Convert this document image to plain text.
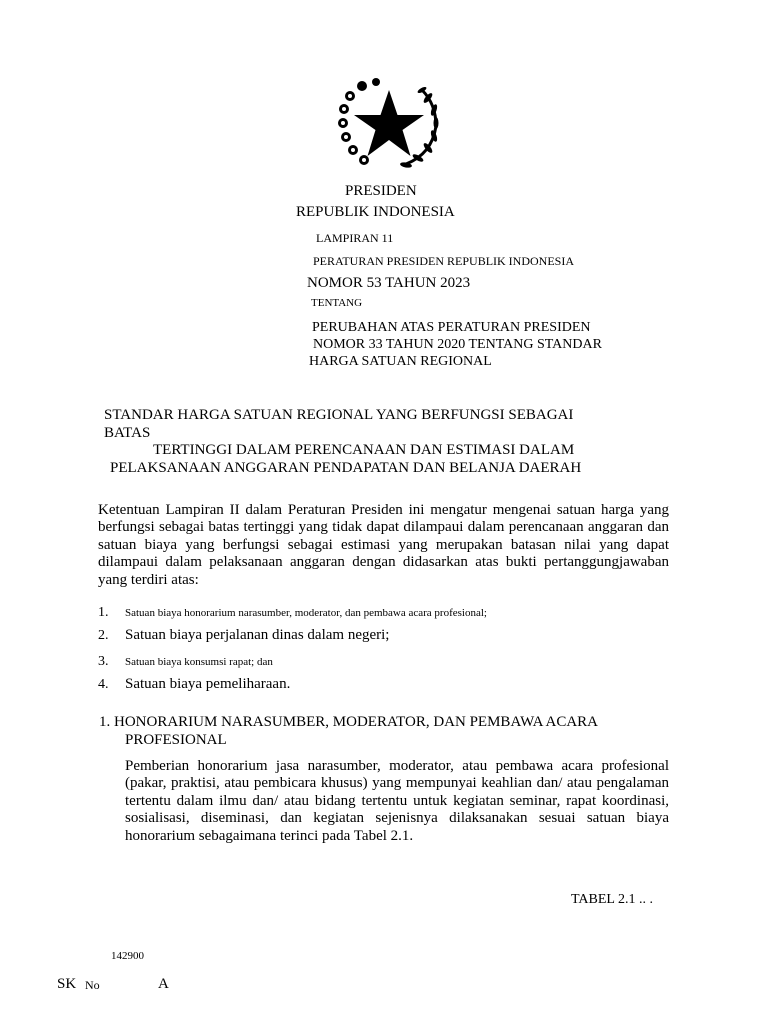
PRESIDEN
REPUBLIK INDONESIA
LAMPIRAN 11
PERATURAN PRESIDEN REPUBLIK INDONESIA
NOMOR 53 TAHUN 2023
TENTANG
PERUBAHAN ATAS PERATURAN PRESIDEN
NOMOR 33 TAHUN 2020 TENTANG STANDAR
HARGA SATUAN REGIONAL
STANDAR HARGA SATUAN REGIONAL YANG BERFUNGSI SEBAGAI
BATAS
TERTINGGI DALAM PERENCANAAN DAN ESTIMASI DALAM
PELAKSANAAN ANGGARAN PENDAPATAN DAN BELANJA DAERAH
Ketentuan Lampiran II dalam Peraturan Presiden ini mengatur mengenai satuan harga yang berfungsi sebagai batas tertinggi yang tidak dapat dilampaui dalam perencanaan anggaran dan satuan biaya yang berfungsi sebagai estimasi yang merupakan batasan nilai yang dapat dilampaui dalam pelaksanaan anggaran dengan didasarkan atas bukti pertanggungjawaban yang terdiri atas:
1. Satuan biaya honorarium narasumber, moderator, dan pembawa acara profesional;
2. Satuan biaya perjalanan dinas dalam negeri;
3. Satuan biaya konsumsi rapat; dan
4. Satuan biaya pemeliharaan.
1. HONORARIUM NARASUMBER, MODERATOR, DAN PEMBAWA ACARA
PROFESIONAL
Pemberian honorarium jasa narasumber, moderator, atau pembawa acara profesional (pakar, praktisi, atau pembicara khusus) yang mempunyai keahlian dan/ atau pengalaman tertentu dalam ilmu dan/ atau bidang tertentu untuk kegiatan seminar, rapat koordinasi, sosialisasi, diseminasi, dan kegiatan sejenisnya dilaksanakan sesuai satuan biaya honorarium sebagaimana terinci pada Tabel 2.1.
TABEL 2.1 .. .
142900
SK No	A
